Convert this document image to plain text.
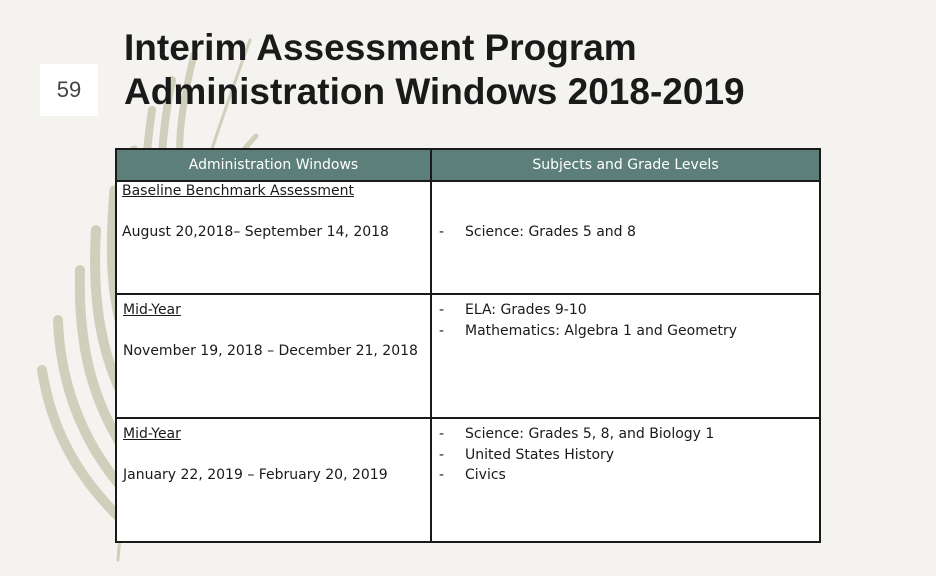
59
Interim Assessment Program
Administration Windows 2018-2019
Administration Windows	Subjects and Grade Levels
Baseline Benchmark Assessment
August 20,2018– September 14, 2018	- Science: Grades 5 and 8
Mid-Year
November 19, 2018 – December 21, 2018
- ELA: Grades 9-10
- Mathematics: Algebra 1 and Geometry
Mid-Year
January 22, 2019 – February 20, 2019
- Science: Grades 5, 8, and Biology 1
- United States History
- Civics
